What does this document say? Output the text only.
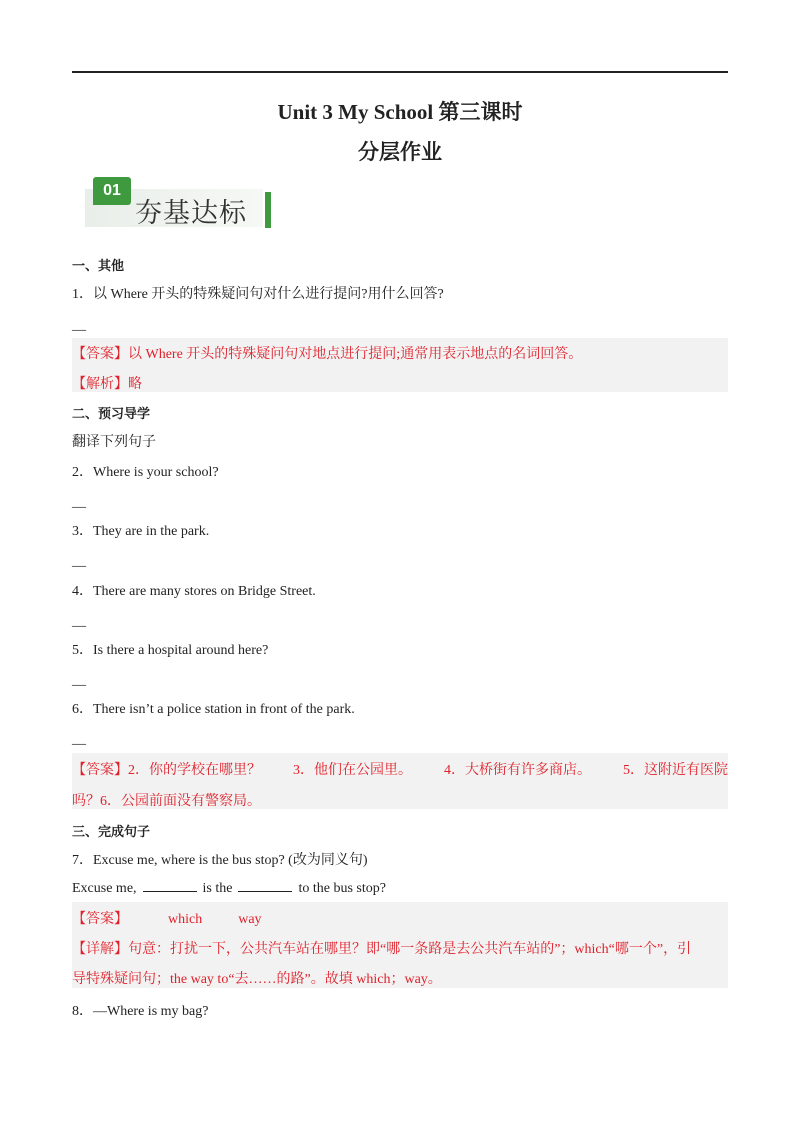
Unit 3 My School 第三课时
分层作业
01
夯基达标
一、其他
1．以 Where 开头的特殊疑问句对什么进行提问?用什么回答?
__
【答案】以 Where 开头的特殊疑问句对地点进行提问;通常用表示地点的名词回答。
【解析】略
二、预习导学
翻译下列句子
2．Where is your school?
__
3．They are in the park.
__
4．There are many stores on Bridge Street.
__
5．Is there a hospital around here?
__
6．There isn’t a police station in front of the park.
__
【答案】2．你的学校在哪里？ 3．他们在公园里。 4．大桥街有许多商店。 5．这附近有医院
吗？6．公园前面没有警察局。
三、完成句子
7．Excuse me, where is the bus stop? (改为同义句)
Excuse me,	is the	to the bus stop?
【答案】	which	way
【详解】句意：打扰一下，公共汽车站在哪里？即“哪一条路是去公共汽车站的”；which“哪一个”，引
导特殊疑问句；the way to“去……的路”。故填 which；way。
8．—Where is my bag?
